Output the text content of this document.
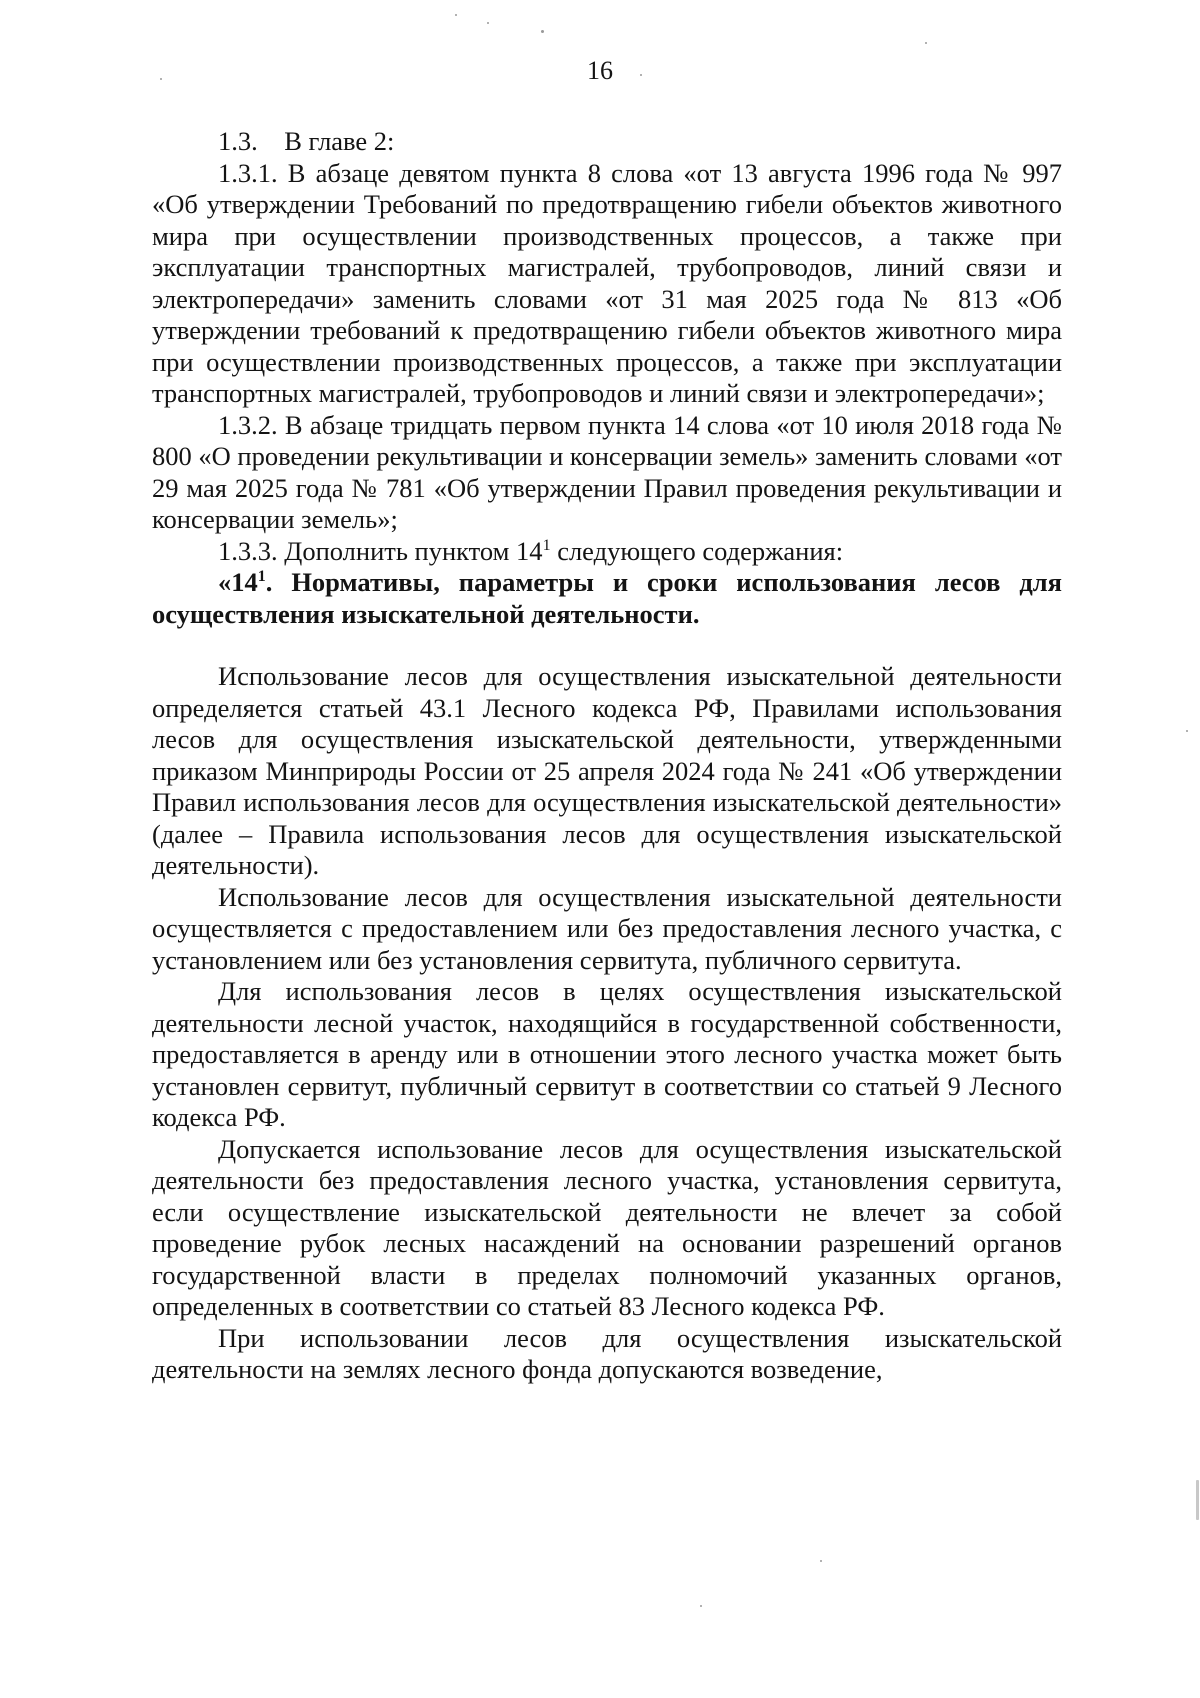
16

1.3.    В главе 2:

1.3.1. В абзаце девятом пункта 8 слова «от 13 августа 1996 года № 997 «Об утверждении Требований по предотвращению гибели объектов животного мира при осуществлении производственных процессов, а также при эксплуатации транспортных магистралей, трубопроводов, линий связи и электропередачи» заменить словами «от 31 мая 2025 года № 813 «Об утверждении требований к предотвращению гибели объектов животного мира при осуществлении производственных процессов, а также при эксплуатации транспортных магистралей, трубопроводов и линий связи и электропередачи»;

1.3.2. В абзаце тридцать первом пункта 14 слова «от 10 июля 2018 года № 800 «О проведении рекультивации и консервации земель» заменить словами «от 29 мая 2025 года № 781 «Об утверждении Правил проведения рекультивации и консервации земель»;

1.3.3. Дополнить пунктом $14^1$ следующего содержания:

«$14^1$. Нормативы, параметры и сроки использования лесов для осуществления изыскательной деятельности.

Использование лесов для осуществления изыскательной деятельности определяется статьей 43.1 Лесного кодекса РФ, Правилами использования лесов для осуществления изыскательской деятельности, утвержденными приказом Минприроды России от 25 апреля 2024 года № 241 «Об утверждении Правил использования лесов для осуществления изыскательской деятельности» (далее – Правила использования лесов для осуществления изыскательской деятельности).

Использование лесов для осуществления изыскательной деятельности осуществляется с предоставлением или без предоставления лесного участка, с установлением или без установления сервитута, публичного сервитута.

Для использования лесов в целях осуществления изыскательской деятельности лесной участок, находящийся в государственной собственности, предоставляется в аренду или в отношении этого лесного участка может быть установлен сервитут, публичный сервитут в соответствии со статьей 9 Лесного кодекса РФ.

Допускается использование лесов для осуществления изыскательской деятельности без предоставления лесного участка, установления сервитута, если осуществление изыскательской деятельности не влечет за собой проведение рубок лесных насаждений на основании разрешений органов государственной власти в пределах полномочий указанных органов, определенных в соответствии со статьей 83 Лесного кодекса РФ.

При использовании лесов для осуществления изыскательской деятельности на землях лесного фонда допускаются возведение,
